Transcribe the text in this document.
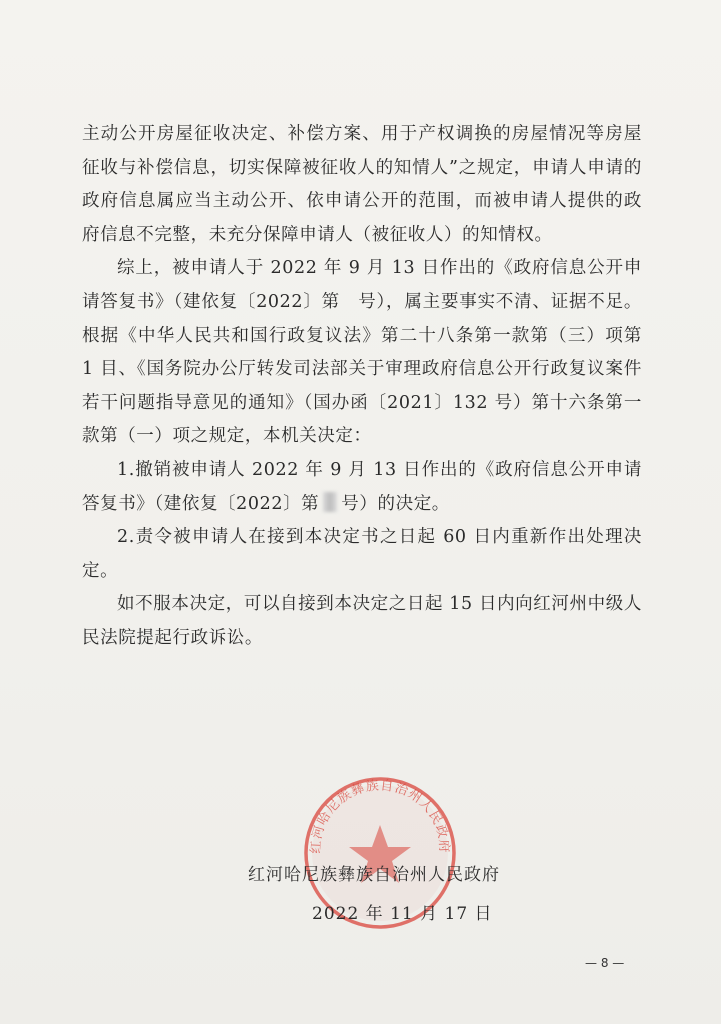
主动公开房屋征收决定、补偿方案、用于产权调换的房屋情况等房屋征收与补偿信息，切实保障被征收人的知情人”之规定，申请人申请的政府信息属应当主动公开、依申请公开的范围，而被申请人提供的政府信息不完整，未充分保障申请人（被征收人）的知情权。

综上，被申请人于 2022 年 9 月 13 日作出的《政府信息公开申请答复书》（建依复〔2022〕第　号），属主要事实不清、证据不足。根据《中华人民共和国行政复议法》第二十八条第一款第（三）项第 1 目、《国务院办公厅转发司法部关于审理政府信息公开行政复议案件若干问题指导意见的通知》（国办函〔2021〕132 号）第十六条第一款第（一）项之规定，本机关决定：

1.撤销被申请人 2022 年 9 月 13 日作出的《政府信息公开申请答复书》（建依复〔2022〕第 号）的决定。

2.责令被申请人在接到本决定书之日起 60 日内重新作出处理决定。

如不服本决定，可以自接到本决定之日起 15 日内向红河州中级人民法院提起行政诉讼。

红河哈尼族彝族自治州人民政府
红河哈尼族彝族自治州人民政府
2022 年 11 月 17 日
— 8 —
